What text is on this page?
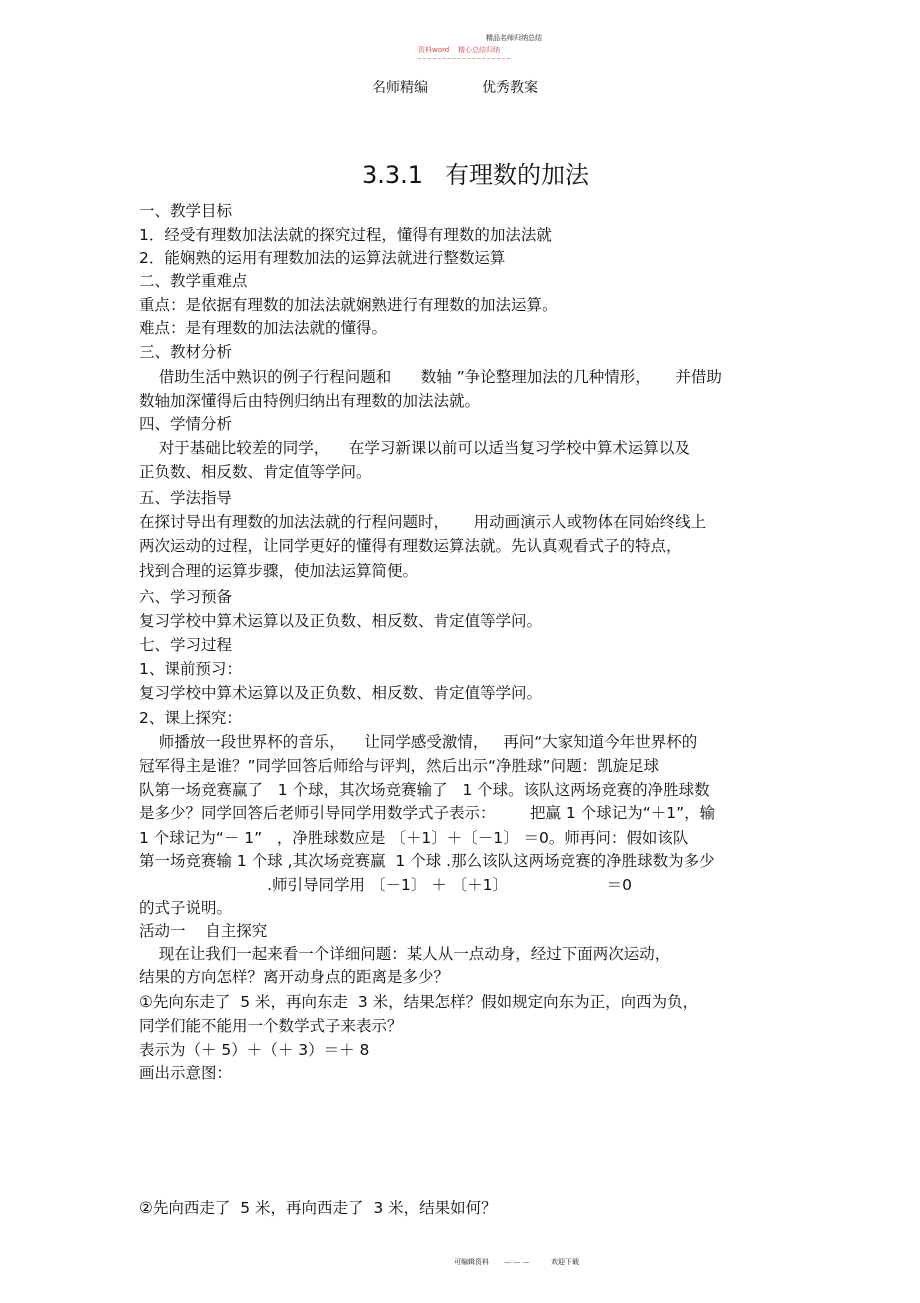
精品名师归纳总结
资料word 精心总结归纳
名师精编	优秀教案
3.3.1 有理数的加法
一、教学目标
1．经受有理数加法法就的探究过程，懂得有理数的加法法就
2．能娴熟的运用有理数加法的运算法就进行整数运算
二、教学重难点
重点：是依据有理数的加法法就娴熟进行有理数的加法运算。
难点：是有理数的加法法就的懂得。
三、教材分析
借助生活中熟识的例子行程问题和      数轴 ”争论整理加法的几种情形，     并借助
数轴加深懂得后由特例归纳出有理数的加法法就。
四、学情分析
对于基础比较差的同学，    在学习新课以前可以适当复习学校中算术运算以及
正负数、相反数、肯定值等学问。
五、学法指导
在探讨导出有理数的加法法就的行程问题时，     用动画演示人或物体在同始终线上
两次运动的过程，让同学更好的懂得有理数运算法就。先认真观看式子的特点，
找到合理的运算步骤，使加法运算简便。
六、学习预备
复习学校中算术运算以及正负数、相反数、肯定值等学问。
七、学习过程
1、课前预习：
复习学校中算术运算以及正负数、相反数、肯定值等学问。
2、课上探究：
师播放一段世界杯的音乐，    让同学感受激情，   再问“大家知道今年世界杯的
冠军得主是谁？”同学回答后师给与评判，然后出示“净胜球”问题：凯旋足球
队第一场竞赛赢了   1 个球，其次场竞赛输了   1 个球。该队这两场竞赛的净胜球数
是多少？同学回答后老师引导同学用数学式子表示：       把赢 1 个球记为“＋1”，输
1 个球记为“－ 1”   ，净胜球数应是 〔＋1〕＋〔－1〕 ＝0。师再问：假如该队
第一场竞赛输 1 个球 ,其次场竞赛赢  1 个球 .那么该队这两场竞赛的净胜球数为多少
.师引导同学用 〔－1〕 ＋ 〔＋1〕                    ＝0
的式子说明。
活动一    自主探究
现在让我们一起来看一个详细问题：某人从一点动身，经过下面两次运动，
结果的方向怎样？离开动身点的距离是多少？
①先向东走了  5 米，再向东走  3 米，结果怎样？假如规定向东为正，向西为负，
同学们能不能用一个数学式子来表示？
表示为（＋ 5）＋（＋ 3）＝＋ 8
画出示意图：
②先向西走了  5 米，再向西走了  3 米，结果如何？
可编辑资料 — — —	欢迎下载
